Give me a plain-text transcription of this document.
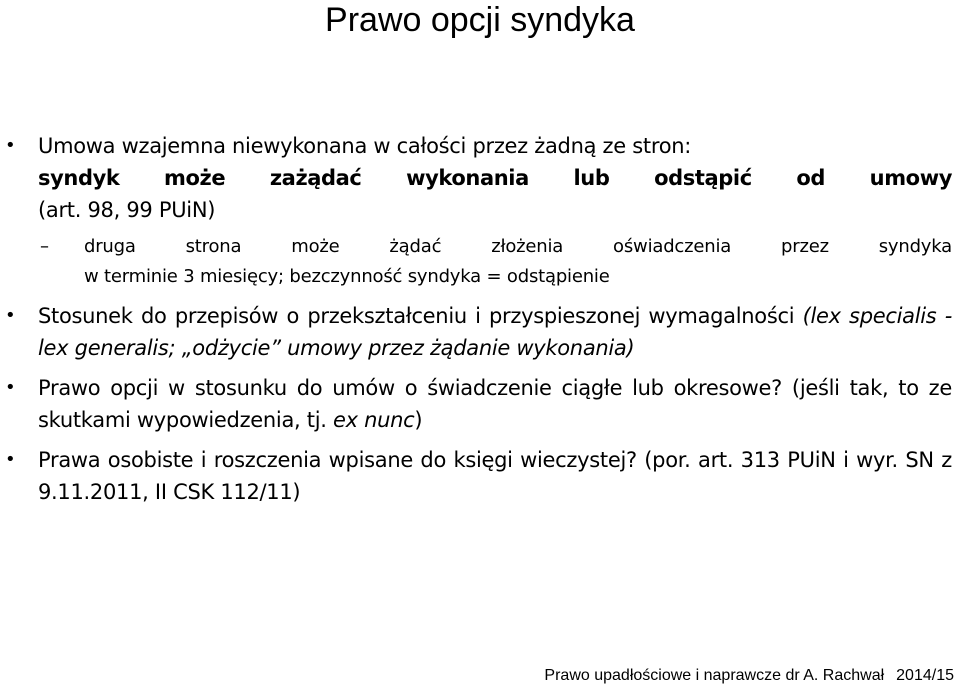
Prawo opcji syndyka
• Umowa wzajemna niewykonana w całości przez żadną ze stron:
syndyk może zażądać wykonania lub odstąpić od umowy
(art. 98, 99 PUiN)
– druga strona może żądać złożenia oświadczenia przez syndyka
w terminie 3 miesięcy; bezczynność syndyka = odstąpienie
• Stosunek do przepisów o przekształceniu i przyspieszonej wymagalności (lex specialis - lex generalis; „odżycie” umowy przez żądanie wykonania)
• Prawo opcji w stosunku do umów o świadczenie ciągłe lub okresowe? (jeśli tak, to ze skutkami wypowiedzenia, tj. ex nunc)
• Prawa osobiste i roszczenia wpisane do księgi wieczystej? (por. art. 313 PUiN i wyr. SN z 9.11.2011, II CSK 112/11)
Prawo upadłościowe i naprawcze dr A. Rachwał 2014/15
